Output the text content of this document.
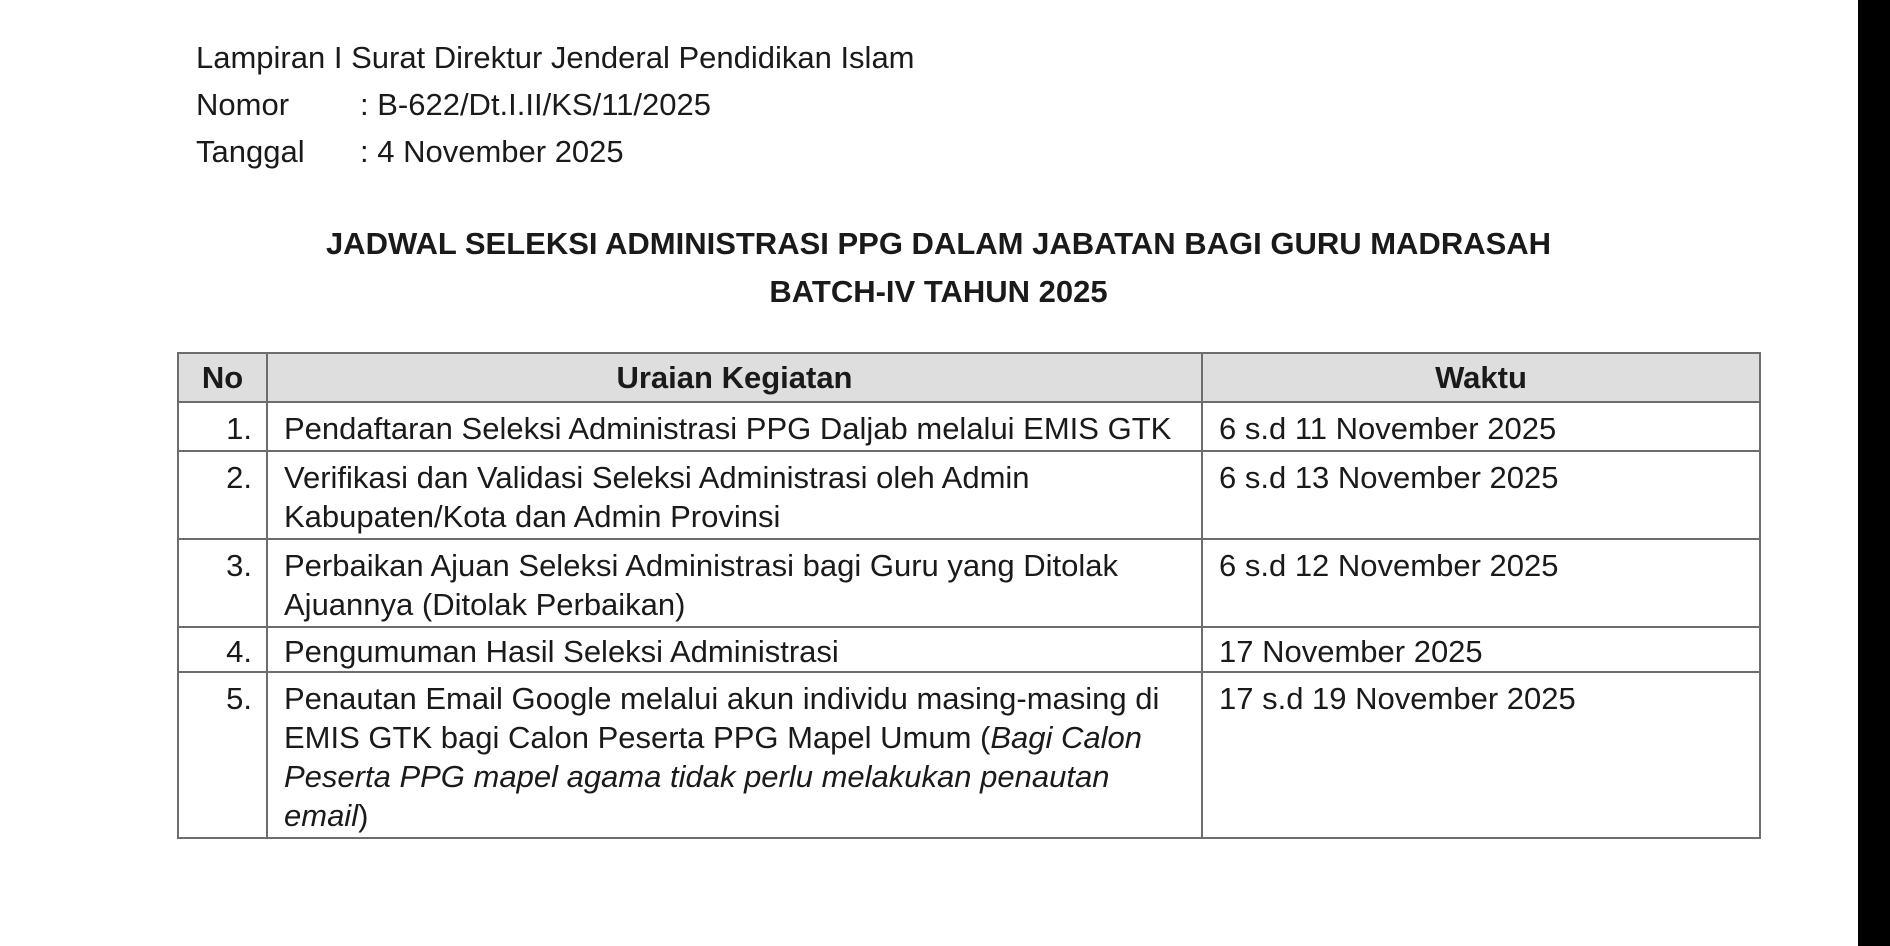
Lampiran I Surat Direktur Jenderal Pendidikan Islam
Nomor : B-622/Dt.I.II/KS/11/2025
Tanggal : 4 November 2025
JADWAL SELEKSI ADMINISTRASI PPG DALAM JABATAN BAGI GURU MADRASAH
BATCH-IV TAHUN 2025
No	Uraian Kegiatan	Waktu
1.	Pendaftaran Seleksi Administrasi PPG Daljab melalui EMIS GTK	6 s.d 11 November 2025
2.	Verifikasi dan Validasi Seleksi Administrasi oleh Admin Kabupaten/Kota dan Admin Provinsi	6 s.d 13 November 2025
3.	Perbaikan Ajuan Seleksi Administrasi bagi Guru yang Ditolak Ajuannya (Ditolak Perbaikan)	6 s.d 12 November 2025
4.	Pengumuman Hasil Seleksi Administrasi	17 November 2025
5.	Penautan Email Google melalui akun individu masing-masing di EMIS GTK bagi Calon Peserta PPG Mapel Umum (Bagi Calon Peserta PPG mapel agama tidak perlu melakukan penautan email)	17 s.d 19 November 2025
